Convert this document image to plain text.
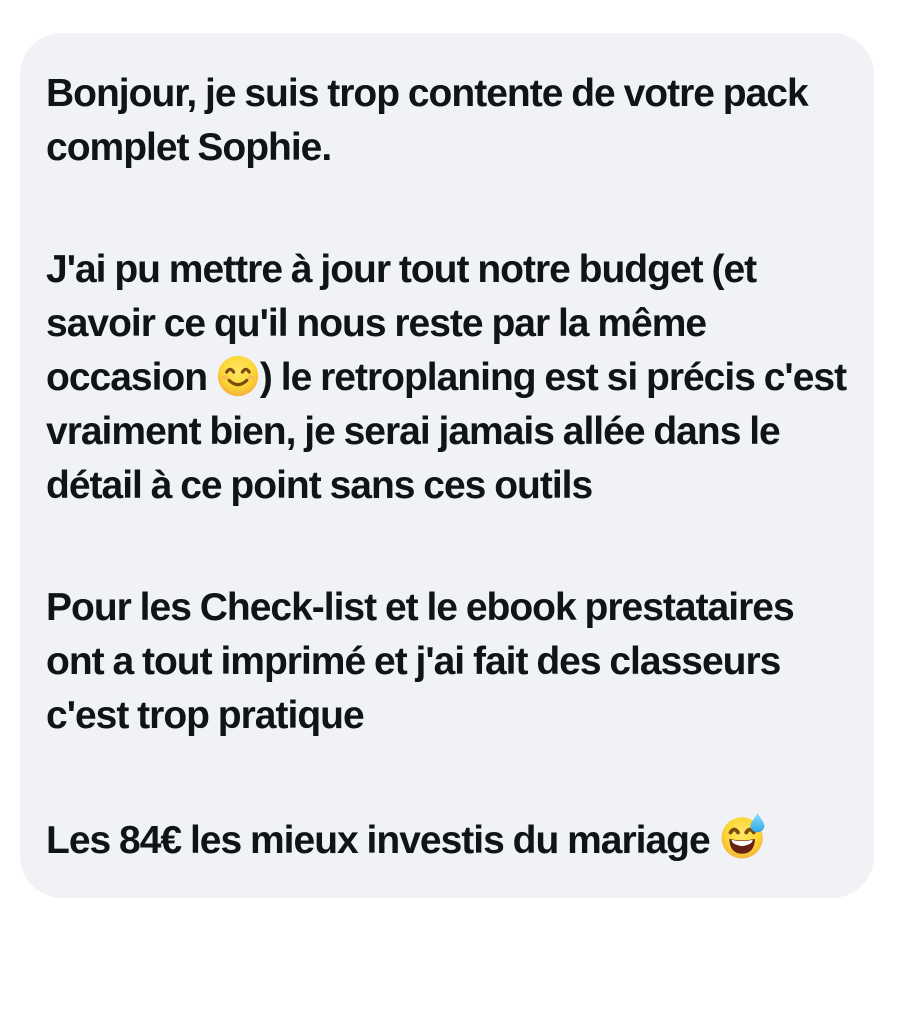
Bonjour, je suis trop contente de votre pack complet Sophie.

J'ai pu mettre à jour tout notre budget (et savoir ce qu'il nous reste par la même occasion
) le retroplaning est si précis c'est vraiment bien, je serai jamais allée dans le détail à ce point sans ces outils

Pour les Check-list et le ebook prestataires ont a tout imprimé et j'ai fait des classeurs c'est trop pratique

Les 84€ les mieux investis du mariage
